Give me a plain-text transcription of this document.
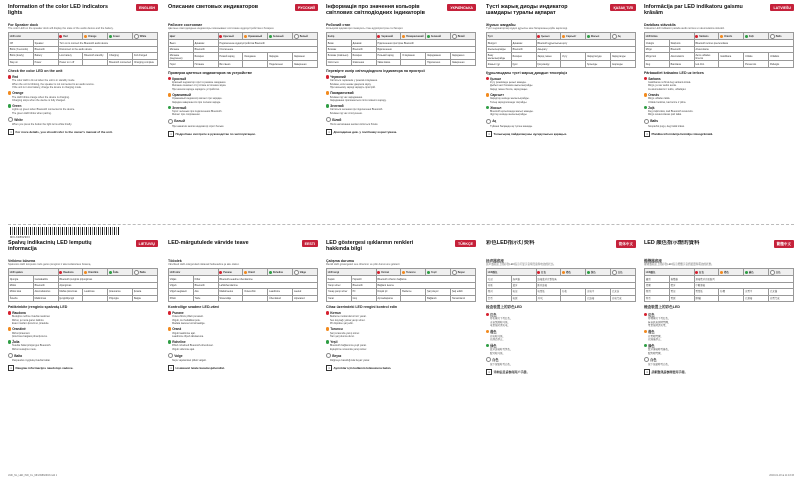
Information of the color LED indicators lights
ENGLISH
For Speaker dock
The color LED on the speaker dock will display the state of the audio device and the battery.
LED color		Red	Orange	Green	White
Off	Speaker	Turn on to connect the Bluetooth audio device			
Blink (3 seconds)	Bluetooth	Disconnect to the audio device			
Blink (slowly)	Battery	Low battery	Bluetooth standby	Charging	Full charged
Stay on	Power	Power on / off		Bluetooth connected	Charging complete
Check the color LED on the unit
Red
• The color LED is lit red when the unit is in standby mode.
• When the unit is blinking, the speaker is not connected to an audio source.
• If the unit is in low battery, charge the device in charging mode.
Orange
• The LED blinks orange when the device is charging.
• Charging stops when the device is fully charged.
Green
• Lights up green when Bluetooth connected to the device.
• The green LED blinks when pairing.
White
• When you press the button the light turns white briefly.
i	For more details, you should refer to the owner's manual of the unit.
Описание световых индикаторов	РУССКИЙ
Рабочее состояние
Цветные светодиодные индикаторы показывают состояние аудиоустройства и батареи.
Цвет		Красный	Оранжевый	Зеленый	Белый
Выкл.	Динамик	Подключение аудиоустройства Bluetooth			
Мигание	Bluetooth	Отключение			
Мигание (медленно)	Батарея	Низкий заряд	Ожидание	Зарядка	Заряжено
Горит	Питание	Вкл./выкл.		Подключено	Завершено
Проверка цветных индикаторов на устройстве
Красный
• Красный индикатор горит в режиме ожидания.
• Мигание означает отсутствие источника звука.
• При низком заряде зарядите устройство.
Оранжевый
• Оранжевый индикатор мигает при зарядке.
• Зарядка завершается при полном заряде.
Зеленый
• Горит зеленым при подключении Bluetooth.
• Мигает при сопряжении.
Белый
• При нажатии кнопки индикатор горит белым.
i	Подробнее смотрите в руководстве по эксплуатации.
Інформація про значення кольорів світлових світлодіодних індикаторів
УКРАЇНСЬКА
Робочий стан
Кольорові індикатори показують стан аудіопристрою та батареї.
Колір		Червоний	Помаранчевий	Зелений	Білий
Вимк.	Динамік	Підключення пристрою Bluetooth			
Блимає	Bluetooth	Відключення			
Блимає (повільно)	Батарея	Низький заряд	Очікування	Заряджання	Заряджено
Світиться	Живлення	Увімк./вимк.		Підключено	Завершено
Перевірте колір світлодіодного індикатора на пристрої
Червоний
• Світиться червоним у режимі очікування.
• Блимає, коли немає джерела звуку.
• При низькому заряді зарядіть пристрій.
Помаранчевий
• Блимає під час заряджання.
• Заряджання припиняється після повного заряду.
Зелений
• Світиться зеленим при підключенні Bluetooth.
• Блимає під час сполучення.
Білий
• Після натискання кнопки світиться білим.
i	Докладніше див. у посібнику користувача.
Түсті жарық диоды индикатор шамдары туралы ақпарат
ҚАЗАҚ ТІЛІ
Жұмыс жағдайы
Түсті индикаторлар аудио құрылғы мен батареяның күйін көрсетеді.
Түсі		Қызыл	Сарғылт	Жасыл	Ақ
Өшірулі	Динамик	Bluetooth құрылғысын қосу			
Жыпылықтайды	Bluetooth	Ажырату			
Баяу жыпылықтайды	Батарея	Заряд төмен	Күту	Зарядталуда	Зарядталды
Жанып тұр	Қуат	Қосу/өшіру		Қосылды	Аяқталды
Құрылғыдағы түсті жарық диодын тексеріңіз
Қызыл
• Күту режимінде қызыл жанады.
• Дыбыс көзі болмаса жыпылықтайды.
• Заряд төмен болса, зарядтаңыз.
Сарғылт
• Зарядтау кезінде жыпылықтайды.
• Толық зарядталғанда тоқтайды.
Жасыл
• Bluetooth қосылғанда жасыл жанады.
• Жұптау кезінде жыпылықтайды.
Ақ
• Түймені басқанда ақ түспен жанады.
i	Толығырақ пайдаланушы нұсқаулығын қараңыз.
Informācija par LED indikatoru gaismu krāsām
LATVIEŠU
Darbības stāvoklis
Krāsainie LED indikatori parāda audio ierīces un akumulatora stāvokli.
LED krāsa		Sarkans	Oranžs	Zaļš	Balts
Izslēgts	Skaļrunis	Bluetooth ierīces pievienošana			
Mirgo	Bluetooth	Atvienošana			
Mirgo lēni	Akumulators	Zems uzlādes līmenis	Gaidīšana	Uzlāde	Uzlādēts
Deg	Barošana	Iesl./izsl.		Pievienots	Pabeigts
Pārbaudiet krāsaino LED uz ierīces
Sarkans
• Gaidīšanas režīmā deg sarkanā krāsā.
• Mirgo, ja nav audio avota.
• Ja akumulators ir tukšs, uzlādējiet.
Oranžs
• Mirgo uzlādes laikā.
• Uzlāde beidzas, kad ierīce ir pilna.
Zaļš
• Deg zaļā krāsā, kad Bluetooth savienots.
• Mirgo savienošanas pārī laikā.
Balts
• Nospiežot pogu, deg baltā krāsā.
i	Plašāka informācija lietotāja rokasgrāmatā.
Spalvų indikacinių LED lemputių informacija
LIETUVIŲ
Veikimo būsena
Spalvotos LED lemputės rodo garso įrenginio ir akumuliatoriaus būseną.
LED spalva		Raudona	Oranžinė	Žalia	Balta
Išjungta	Garsiakalbis	Bluetooth įrenginio prijungimas			
Mirksi	Bluetooth	Atjungimas			
Mirksi lėtai	Akumuliatorius	Mažas įkrovimas	Laukimas	Įkraunama	Įkrauta
Šviečia	Maitinimas	Įjungti/išjungti		Prijungta	Baigta
Patikrinkite įrenginio spalvotą LED
Raudona
• Budėjimo režime šviečia raudonai.
• Mirksi, jei nėra garso šaltinio.
• Esant mažam įkrovimui, įkraukite.
Oranžinė
• Mirksi įkraunant.
• Įkrovimas baigiasi pilnai įkrovus.
Žalia
• Šviečia žaliai prisijungus Bluetooth.
• Mirksi susiejimo metu.
Balta
• Paspaudus mygtuką šviečia baltai.
i	Daugiau informacijos naudotojo vadove.
LED-märgutulede värvide teave	EESTI
Tööolek
Värvilised LED-märgutuled näitavad heliseadme ja aku olekut.
LED värv		Punane	Oranž	Roheline	Valge
Väljas	Kõlar	Bluetooth-seadme ühendamine			
Vilgub	Bluetooth	Lahtiühendamine			
Vilgub aeglaselt	Aku	Madal laetus	Ooterežiim	Laadimine	Laetud
Põleb	Toide	Sisse/välja		Ühendatud	Lõpetatud
Kontrollige seadme LED-värvi
Punane
• Ooterežiimis põleb punaselt.
• Vilgub, kui heliallikat pole.
• Madala laetuse korral laadige.
Oranž
• Vilgub laadimise ajal.
• Laadimine lõpeb täislaetuna.
Roheline
• Põleb roheliselt Bluetooth-ühendusel.
• Vilgub sidumise ajal.
Valge
• Nupu vajutamisel põleb valgelt.
i	Lisateavet leiate kasutusjuhendist.
LED göstergesi ışıklarının renkleri hakkında bilgi
TÜRKÇE
Çalışma durumu
Renkli LED göstergeleri ses cihazının ve pilin durumunu gösterir.
LED rengi		Kırmızı	Turuncu	Yeşil	Beyaz
Kapalı	Hoparlör	Bluetooth cihazını bağlama			
Yanıp söner	Bluetooth	Bağlantı kesme			
Yavaş yanıp söner	Pil	Düşük pil	Bekleme	Şarj oluyor	Şarj edildi
Yanar	Güç	Açma/kapama		Bağlandı	Tamamlandı
Cihaz üzerindeki LED rengini kontrol edin
Kırmızı
• Bekleme modunda kırmızı yanar.
• Ses kaynağı yoksa yanıp söner.
• Pil düşükse şarj edin.
Turuncu
• Şarj sırasında yanıp söner.
• Tam şarj olunca durur.
Yeşil
• Bluetooth bağlanınca yeşil yanar.
• Eşleştirme sırasında yanıp söner.
Beyaz
• Düğmeye basıldığında beyaz yanar.
i	Ayrıntılar için kullanım kılavuzuna bakın.
彩色LED指示灯资料	简体中文
扬声器底座
扬声器底座上的彩色LED指示灯显示音频设备和电池的状态。
LED颜色		红色	橙色	绿色	白色
关闭	扬声器	连接蓝牙音频设备			
闪烁	蓝牙	断开连接			
慢闪	电池	电量低	待机	充电中	已充满
常亮	电源	开/关		已连接	充电完成
检查装置上的彩色LED
红色
• 待机模式下亮红色。
• 无音频源时闪烁。
• 电量低时请充电。
橙色
• 充电时闪烁。
• 充满后停止。
绿色
• 蓝牙连接时亮绿色。
• 配对时闪烁。
白色
• 按下按钮时亮白色。
i	详细信息请参阅用户手册。
LED 顏色指示燈的資料	繁體中文
揚聲器底座
揚聲器底座上的彩色LED指示燈顯示音訊裝置和電池的狀態。
LED顏色		紅色	橙色	綠色	白色
關閉	揚聲器	連接藍牙音訊裝置			
閃爍	藍牙	中斷連接			
慢閃	電池	電量低	待機	充電中	已充滿
恆亮	電源	開/關		已連接	充電完成
檢查裝置上的彩色LED
紅色
• 待機模式下亮紅色。
• 無音訊來源時閃爍。
• 電量低時請充電。
橙色
• 充電時閃爍。
• 充滿後停止。
綠色
• 藍牙連接時亮綠色。
• 配對時閃爍。
白色
• 按下按鈕時亮白色。
i	詳細資訊請參閱使用手冊。
MFL69862903
LMK_NL_LED_IND_CL_MFL69862903.indd 1	2018-01-18 ⊕ 11:43:33
